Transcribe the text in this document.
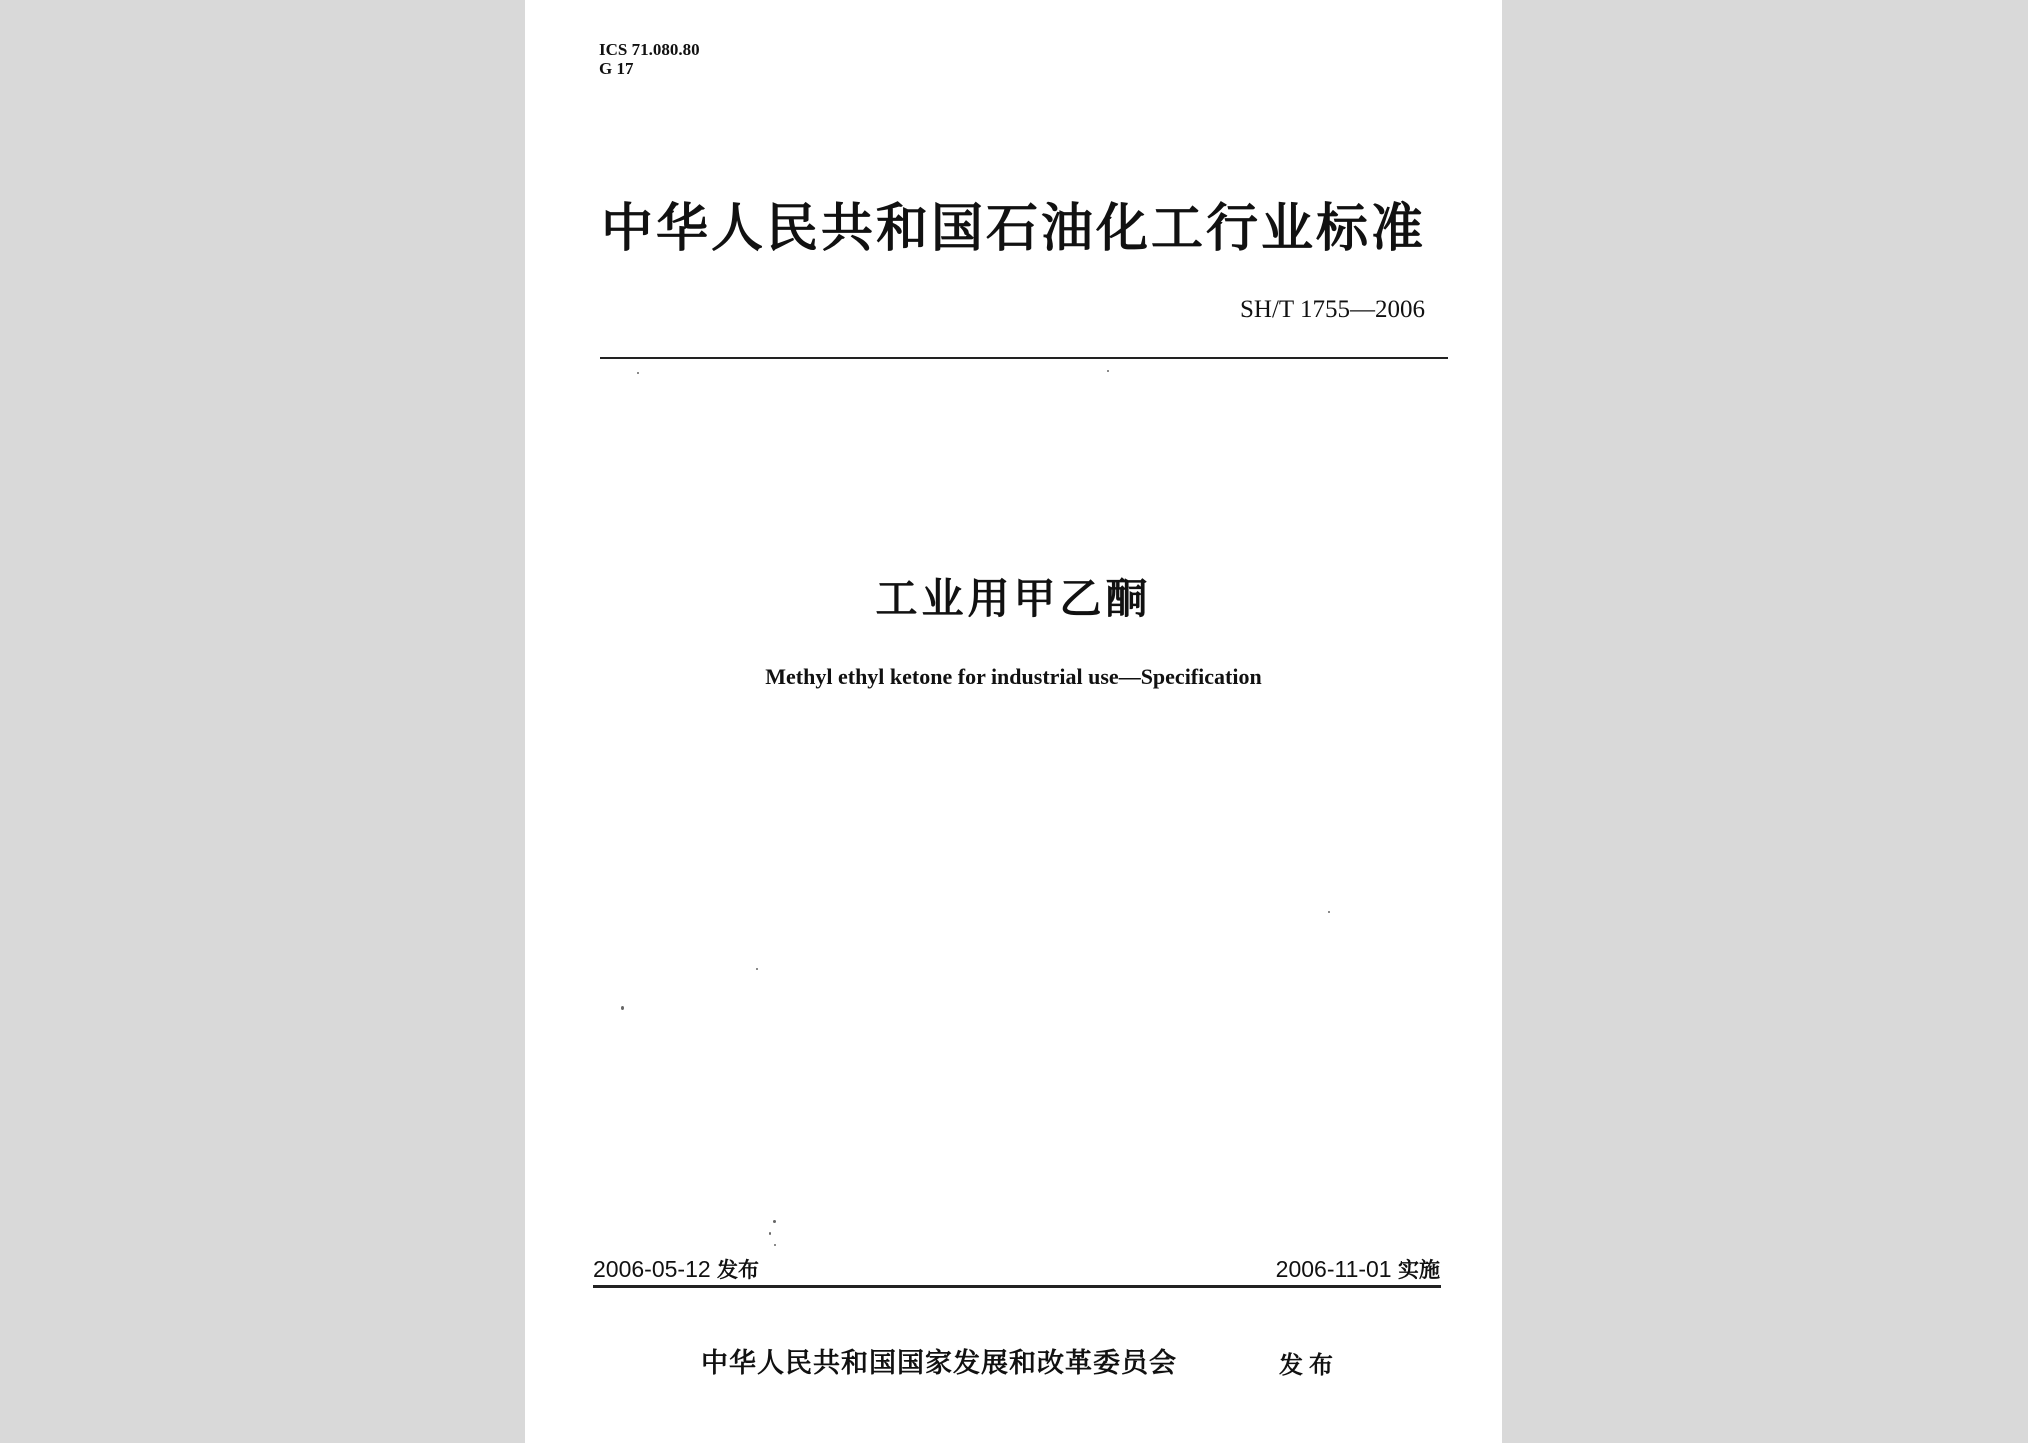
ICS 71.080.80
G 17
中华人民共和国石油化工行业标准
SH/T 1755—2006
工业用甲乙酮
Methyl ethyl ketone for industrial use—Specification
2006-05-12 发布	2006-11-01 实施
中华人民共和国国家发展和改革委员会	发布
